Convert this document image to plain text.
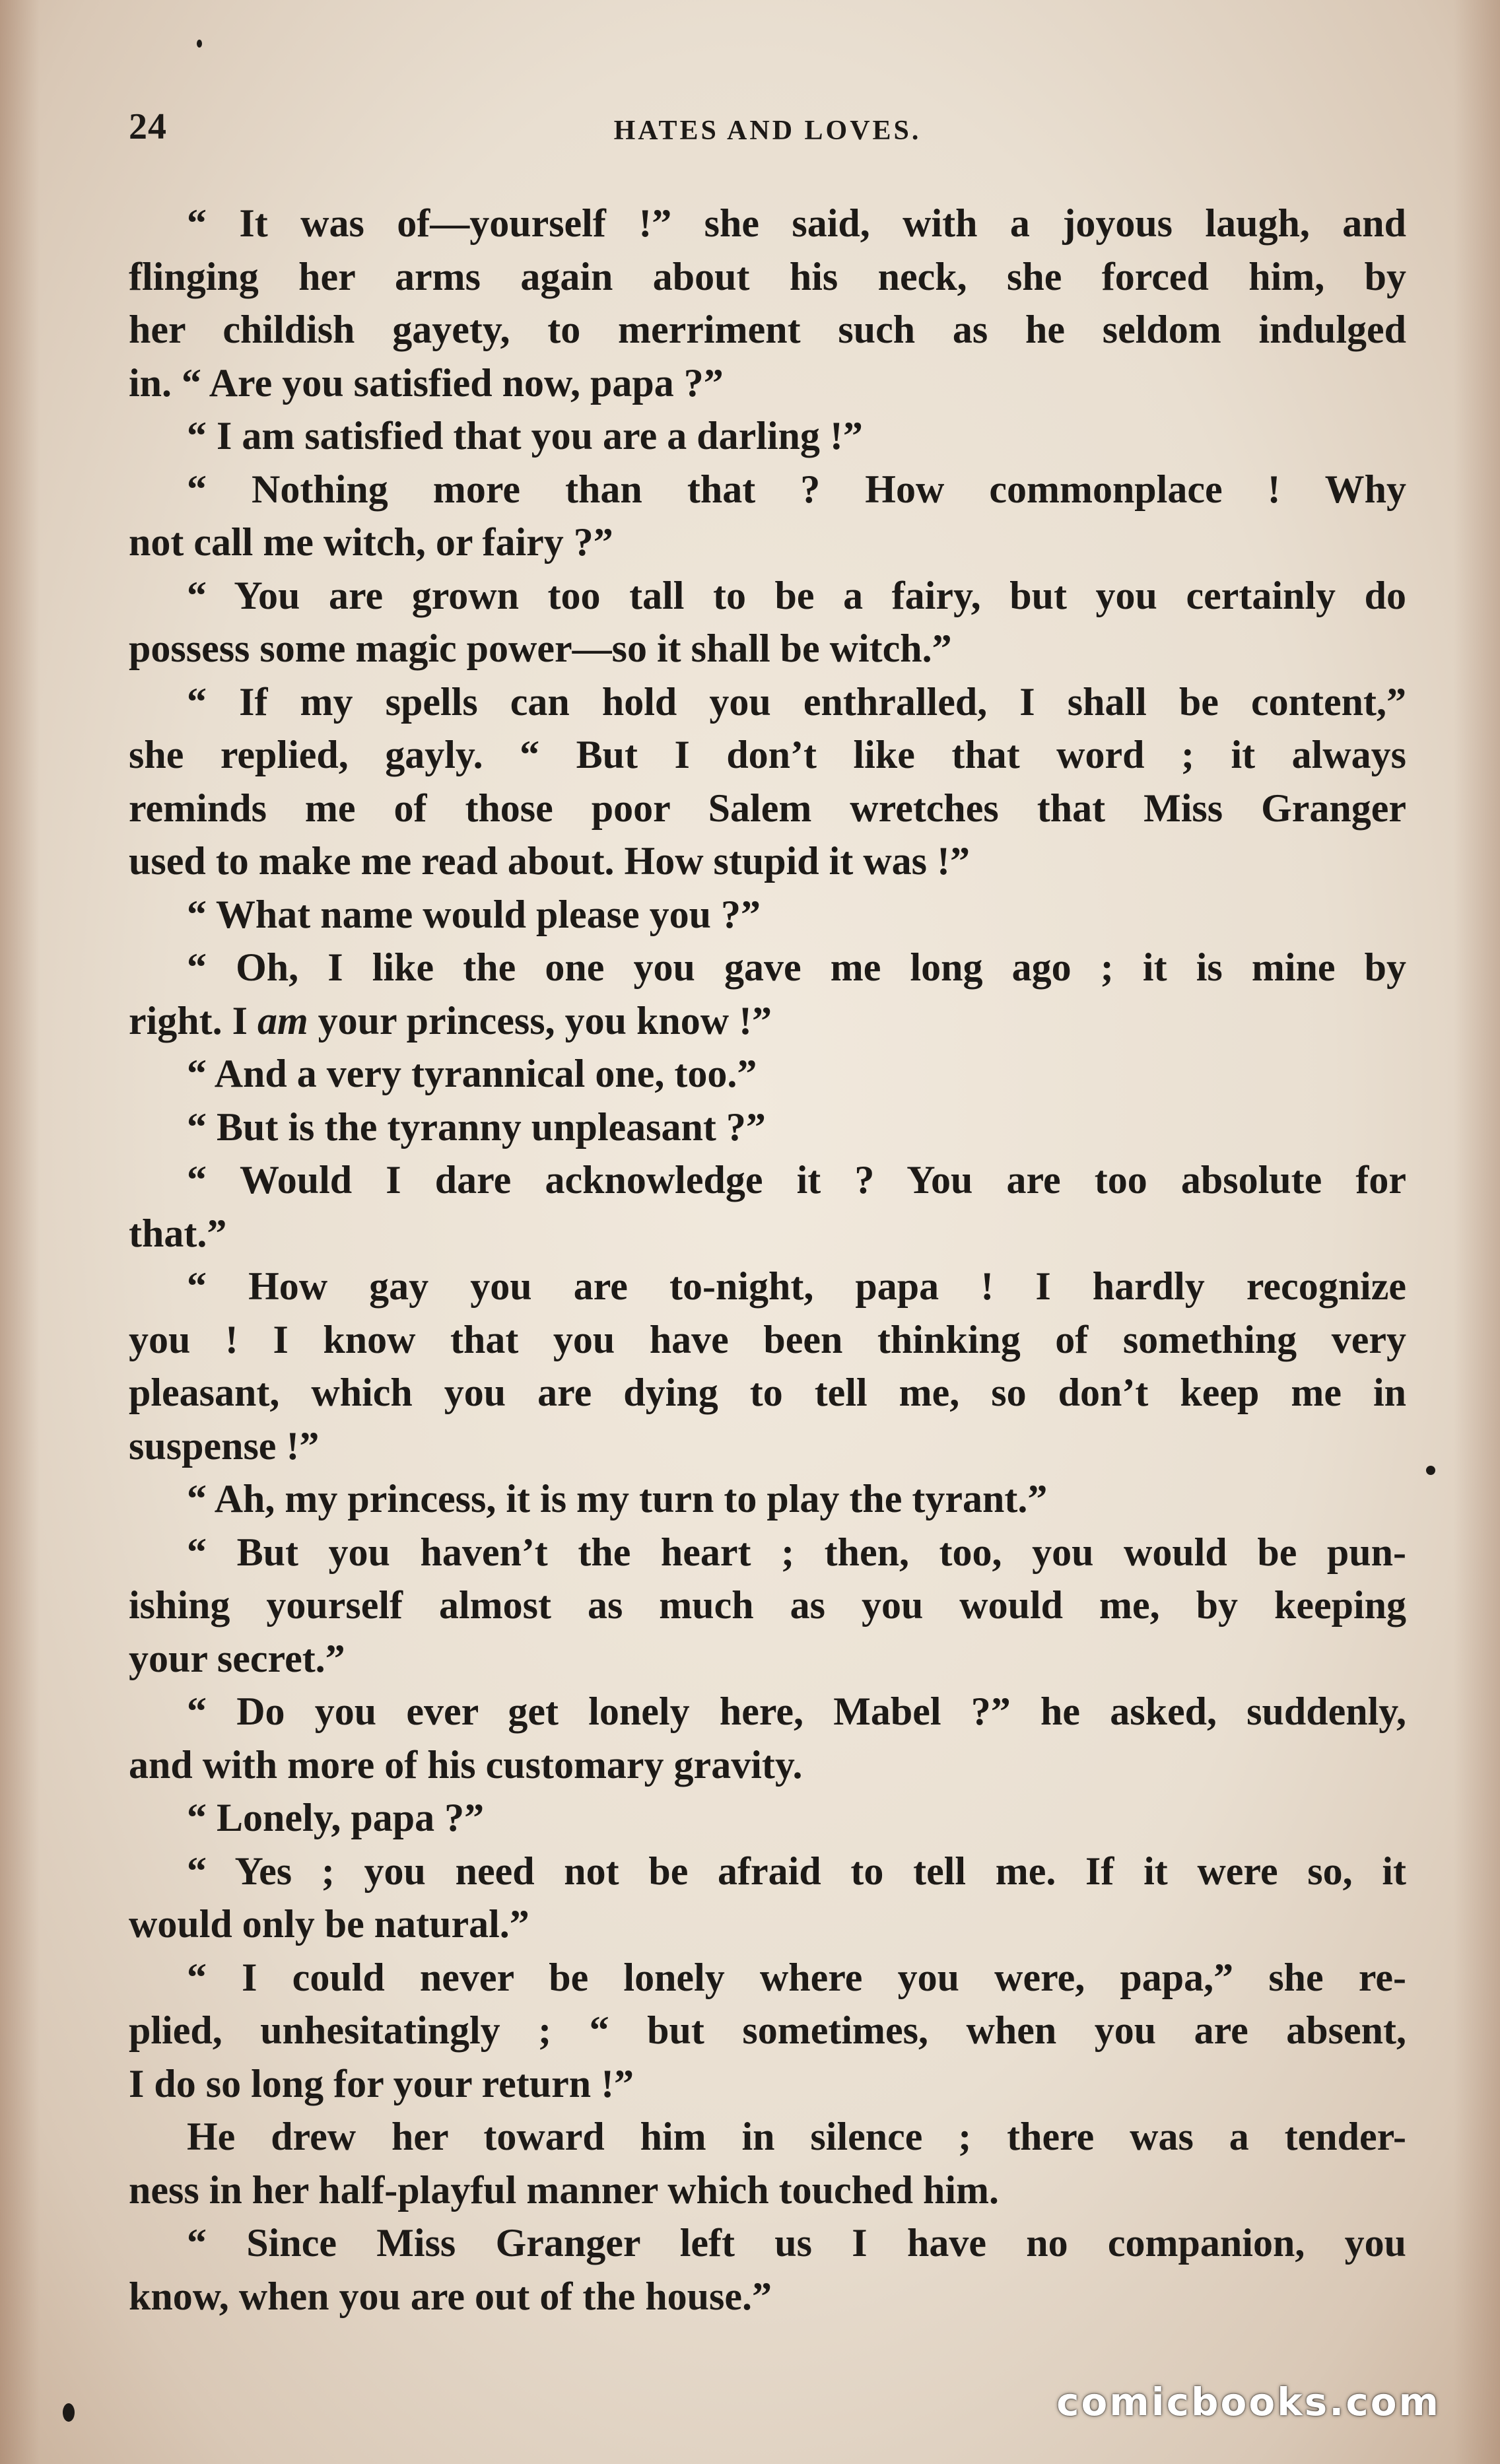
24	HATES AND LOVES.
“ It was of—yourself !” she said, with a joyous laugh, and
flinging her arms again about his neck, she forced him, by
her childish gayety, to merriment such as he seldom indulged
in. “ Are you satisfied now, papa ?”
“ I am satisfied that you are a darling !”
“ Nothing more than that ? How commonplace ! Why
not call me witch, or fairy ?”
“ You are grown too tall to be a fairy, but you certainly do
possess some magic power—so it shall be witch.”
“ If my spells can hold you enthralled, I shall be content,”
she replied, gayly. “ But I don’t like that word ; it always
reminds me of those poor Salem wretches that Miss Granger
used to make me read about. How stupid it was !”
“ What name would please you ?”
“ Oh, I like the one you gave me long ago ; it is mine by
right. I am your princess, you know !”
“ And a very tyrannical one, too.”
“ But is the tyranny unpleasant ?”
“ Would I dare acknowledge it ? You are too absolute for
that.”
“ How gay you are to-night, papa ! I hardly recognize
you ! I know that you have been thinking of something very
pleasant, which you are dying to tell me, so don’t keep me in
suspense !”
“ Ah, my princess, it is my turn to play the tyrant.”
“ But you haven’t the heart ; then, too, you would be pun-
ishing yourself almost as much as you would me, by keeping
your secret.”
“ Do you ever get lonely here, Mabel ?” he asked, suddenly,
and with more of his customary gravity.
“ Lonely, papa ?”
“ Yes ; you need not be afraid to tell me. If it were so, it
would only be natural.”
“ I could never be lonely where you were, papa,” she re-
plied, unhesitatingly ; “ but sometimes, when you are absent,
I do so long for your return !”
He drew her toward him in silence ; there was a tender-
ness in her half-playful manner which touched him.
“ Since Miss Granger left us I have no companion, you
know, when you are out of the house.”
comicbooks.com
